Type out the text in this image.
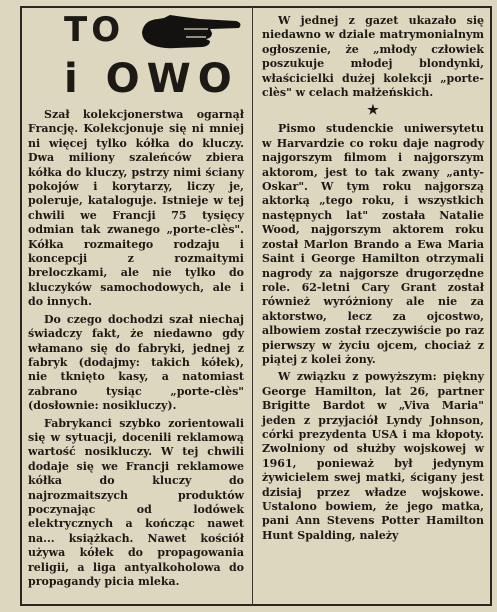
TO
i OWO

Szał kolekcjonerstwa ogarnął Francję. Kolekcjonuje się ni mniej ni więcej tylko kółka do kluczy. Dwa miliony szaleńców zbiera kółka do kluczy, pstrzy nimi ściany pokojów i korytarzy, liczy je, poleruje, kataloguje. Istnieje w tej chwili we Francji 75 tysięcy odmian tak zwanego „porte-clès". Kółka rozmaitego rodzaju i koncepcji z rozmaitymi breloczkami, ale nie tylko do kluczyków samochodowych, ale i do innych.

Do czego dochodzi szał niechaj świadczy fakt, że niedawno gdy włamano się do fabryki, jednej z fabryk (dodajmy: takich kółek), nie tknięto kasy, a natomiast zabrano tysiąc „porte-clès" (dosłownie: nosikluczy).

Fabrykanci szybko zorientowali się w sytuacji, docenili reklamową wartość nosikluczy. W tej chwili dodaje się we Francji reklamowe kółka do kluczy do najrozmaitszych produktów poczynając od lodówek elektrycznych a kończąc nawet na... książkach. Nawet kościół używa kółek do propagowania religii, a liga antyalkoholowa do propagandy picia mleka.

W jednej z gazet ukazało się niedawno w dziale matrymonialnym ogłoszenie, że „młody człowiek poszukuje młodej blondynki, właścicielki dużej kolekcji „porte-clès" w celach małżeńskich.

★

Pismo studenckie uniwersytetu w Harvardzie co roku daje nagrody najgorszym filmom i najgorszym aktorom, jest to tak zwany „anty-Oskar". W tym roku najgorszą aktorką „tego roku, i wszystkich następnych lat" została Natalie Wood, najgorszym aktorem roku został Marlon Brando a Ewa Maria Saint i George Hamilton otrzymali nagrody za najgorsze drugorzędne role. 62-letni Cary Grant został również wyróżniony ale nie za aktorstwo, lecz za ojcostwo, albowiem został rzeczywiście po raz pierwszy w życiu ojcem, chociaż z piątej z kolei żony.

W związku z powyższym: piękny George Hamilton, lat 26, partner Brigitte Bardot w „Viva Maria" jeden z przyjaciół Lyndy Johnson, córki prezydenta USA i ma kłopoty. Zwolniony od służby wojskowej w 1961, ponieważ był jedynym żywicielem swej matki, ścigany jest dzisiaj przez władze wojskowe. Ustalono bowiem, że jego matka, pani Ann Stevens Potter Hamilton Hunt Spalding, należy
